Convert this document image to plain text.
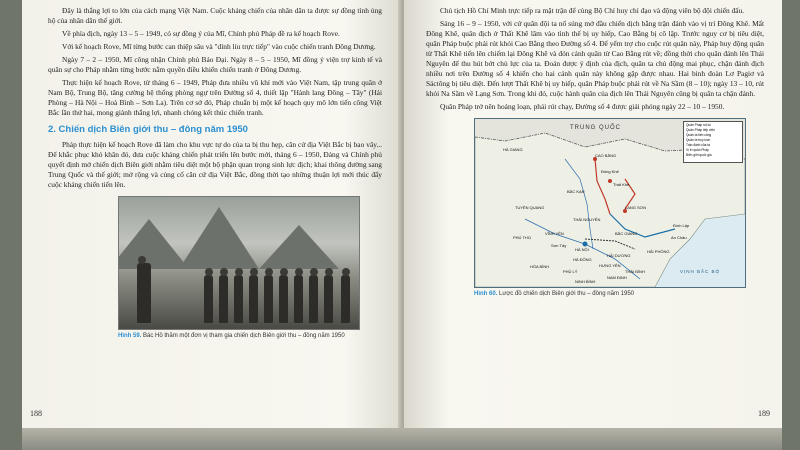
Đây là thắng lợi to lớn của cách mạng Việt Nam. Cuộc kháng chiến của nhân dân ta được sự đồng tình ủng hộ của nhân dân thế giới.

Về phía địch, ngày 13 – 5 – 1949, có sự đồng ý của Mĩ, Chính phủ Pháp đề ra kế hoạch Rove.

Với kế hoạch Rove, Mĩ từng bước can thiệp sâu và "dính líu trực tiếp" vào cuộc chiến tranh Đông Dương.

Ngày 7 – 2 – 1950, Mĩ công nhận Chính phủ Bảo Đại. Ngày 8 – 5 – 1950, Mĩ đồng ý viện trợ kinh tế và quân sự cho Pháp nhằm từng bước nắm quyền điều khiển chiến tranh ở Đông Dương.

Thực hiện kế hoạch Rove, từ tháng 6 – 1949, Pháp đưa nhiều vũ khí mới vào Việt Nam, tập trung quân ở Nam Bộ, Trung Bộ, tăng cường hệ thống phòng ngự trên Đường số 4, thiết lập "Hành lang Đông – Tây" (Hải Phòng – Hà Nội – Hoà Bình – Sơn La). Trên cơ sở đó, Pháp chuẩn bị một kế hoạch quy mô lớn tiến công Việt Bắc lần thứ hai, mong giành thắng lợi, nhanh chóng kết thúc chiến tranh.

2. Chiến dịch Biên giới thu – đông năm 1950

Pháp thực hiện kế hoạch Rove đã làm cho khu vực tự do của ta bị thu hẹp, căn cứ địa Việt Bắc bị bao vây... Để khắc phục khó khăn đó, đưa cuộc kháng chiến phát triển lên bước mới, tháng 6 – 1950, Đảng và Chính phủ quyết định mở chiến dịch Biên giới nhằm tiêu diệt một bộ phận quan trọng sinh lực địch; khai thông đường sang Trung Quốc và thế giới; mở rộng và củng cố căn cứ địa Việt Bắc, đồng thời tạo những thuận lợi mới thúc đẩy cuộc kháng chiến tiến lên.

Hình 59. Bác Hồ thăm một đơn vị tham gia chiến dịch Biên giới thu – đông năm 1950
188

Chủ tịch Hồ Chí Minh trực tiếp ra mặt trận để cùng Bộ Chỉ huy chỉ đạo và động viên bộ đội chiến đấu.

Sáng 16 – 9 – 1950, với cứ quân đội ta nổ súng mở đầu chiến dịch bằng trận đánh vào vị trí Đông Khê. Mất Đông Khê, quân địch ở Thất Khê lâm vào tình thế bị uy hiếp, Cao Bằng bị cô lập. Trước nguy cơ bị tiêu diệt, quân Pháp buộc phải rút khỏi Cao Bằng theo Đường số 4. Để yểm trợ cho cuộc rút quân này, Pháp huy động quân từ Thất Khê tiến lên chiếm lại Đông Khê và đón cánh quân từ Cao Bằng rút về; đồng thời cho quân đánh lên Thái Nguyên để thu hút bớt chủ lực của ta. Đoán được ý định của địch, quân ta chủ động mai phục, chặn đánh địch nhiều nơi trên Đường số 4 khiến cho hai cánh quân này không gặp được nhau. Hai binh đoàn Lơ Pagiơ và Sáctông bị tiêu diệt. Đến lượt Thất Khê bị uy hiếp, quân Pháp buộc phải rút về Na Sầm (8 – 10); ngày 13 – 10, rút khỏi Na Sầm về Lạng Sơn. Trong khi đó, cuộc hành quân của địch lên Thái Nguyên cũng bị quân ta chặn đánh.

Quân Pháp trở nên hoảng loạn, phải rút chạy, Đường số 4 được giải phóng ngày 22 – 10 – 1950.

Quân Pháp rút lui
Quân Pháp tiếp viện
Quân ta tiến công
Quân ta truy kích
Trận đánh của ta
Vị trí quân Pháp
Biên giới quốc gia
TRUNG QUỐC
HÀ GIANG
CAO BẰNG
Đông Khê
Thất Khê
BẮC KẠN
LẠNG SƠN
TUYÊN QUANG
THÁI NGUYÊN
Đình Lập
PHÚ THỌ
VĨNH YÊN	BẮC GIANG
HÀ NỘI
HẢI DƯƠNG
HẢI PHÒNG
HÀ ĐÔNG
HƯNG YÊN
THÁI BÌNH
NAM ĐỊNH
NINH BÌNH
HÒA BÌNH
PHỦ LÝ
Sơn Tây
An Châu
VỊNH BẮC BỘ
Hình 60. Lược đồ chiến dịch Biên giới thu – đông năm 1950
189
